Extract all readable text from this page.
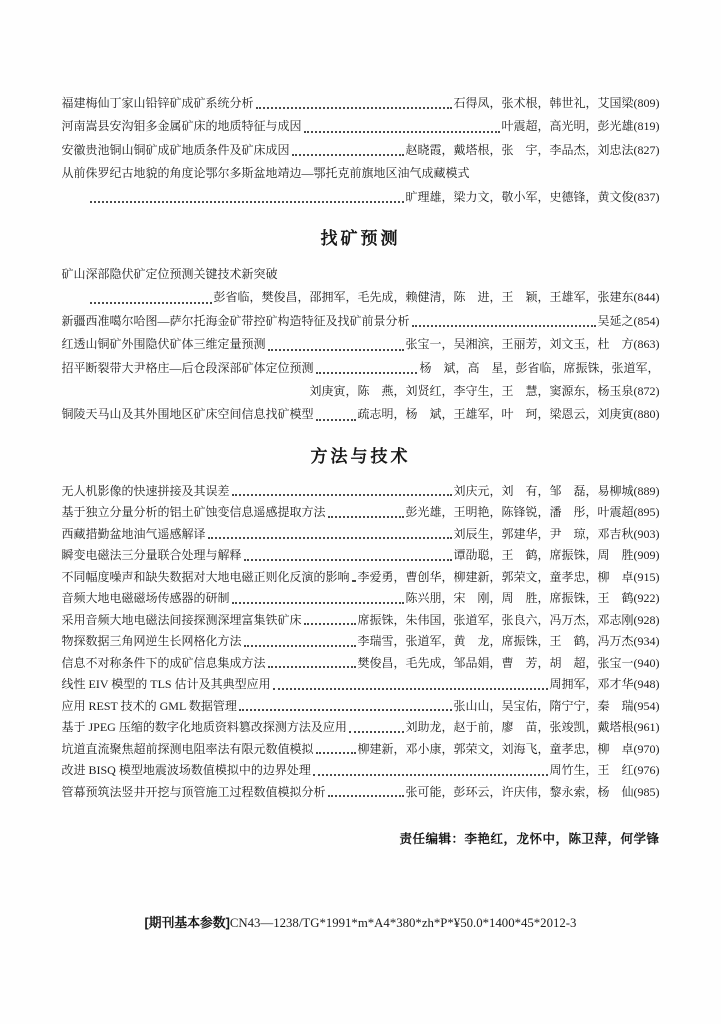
福建梅仙丁家山铅锌矿成矿系统分析	石得凤，张术根，韩世礼，艾国梁(809)
河南嵩县安沟钼多金属矿床的地质特征与成因	叶震超，高光明，彭光雄(819)
安徽贵池铜山铜矿成矿地质条件及矿床成因	赵晓霞，戴塔根，张　宇，李品杰，刘忠法(827)
从前侏罗纪古地貌的角度论鄂尔多斯盆地靖边—鄂托克前旗地区油气成藏模式
旷理雄，梁力文，敬小军，史德锋，黄文俊(837)
找矿预测
矿山深部隐伏矿定位预测关键技术新突破
彭省临，樊俊昌，邵拥军，毛先成，赖健清，陈　进，王　颖，王雄军，张建东(844)
新疆西准噶尔哈图—萨尔托海金矿带控矿构造特征及找矿前景分析	吴延之(854)
红透山铜矿外围隐伏矿体三维定量预测	张宝一，吴湘滨，王丽芳，刘文玉，杜　方(863)
招平断裂带大尹格庄—后仓段深部矿体定位预测	杨　斌，高　星，彭省临，席振铢，张道军，
刘庚寅，陈　燕，刘贤红，李守生，王　慧，窦源东，杨玉泉(872)
铜陵天马山及其外围地区矿床空间信息找矿模型	疏志明，杨　斌，王雄军，叶　珂，梁恩云，刘庚寅(880)
方法与技术
无人机影像的快速拼接及其误差	刘庆元，刘　有，邹　磊，易柳城(889)
基于独立分量分析的铝土矿蚀变信息遥感提取方法	彭光雄，王明艳，陈锋锐，潘　彤，叶震超(895)
西藏措勤盆地油气遥感解译	刘辰生，郭建华，尹　琼，邓吉秋(903)
瞬变电磁法三分量联合处理与解释	谭劭聪，王　鹤，席振铢，周　胜(909)
不同幅度噪声和缺失数据对大地电磁正则化反演的影响 李爱勇，曹创华，柳建新，郭荣文，童孝忠，柳　卓(915)
音频大地电磁磁场传感器的研制	陈兴朋，宋　刚，周　胜，席振铢，王　鹤(922)
采用音频大地电磁法间接探测深埋富集铁矿床	席振铢，朱伟国，张道军，张良六，冯万杰，邓志刚(928)
物探数据三角网逆生长网格化方法	李瑞雪，张道军，黄　龙，席振铢，王　鹤，冯万杰(934)
信息不对称条件下的成矿信息集成方法	樊俊昌，毛先成，邹品娟，曹　芳，胡　超，张宝一(940)
线性 EIV 模型的 TLS 估计及其典型应用	周拥军，邓才华(948)
应用 REST 技术的 GML 数据管理	张山山，吴宝佑，隋宁宁，秦　瑞(954)
基于 JPEG 压缩的数字化地质资料篡改探测方法及应用	刘助龙，赵于前，廖　苗，张竣凯，戴塔根(961)
坑道直流聚焦超前探测电阻率法有限元数值模拟	柳建新，邓小康，郭荣文，刘海飞，童孝忠，柳　卓(970)
改进 BISQ 模型地震波场数值模拟中的边界处理	周竹生，王　红(976)
管幕预筑法竖井开挖与顶管施工过程数值模拟分析	张可能，彭环云，许庆伟，黎永索，杨　仙(985)
责任编辑：李艳红，龙怀中，陈卫萍，何学锋
[期刊基本参数]CN43—1238/TG*1991*m*A4*380*zh*P*¥50.0*1400*45*2012-3
